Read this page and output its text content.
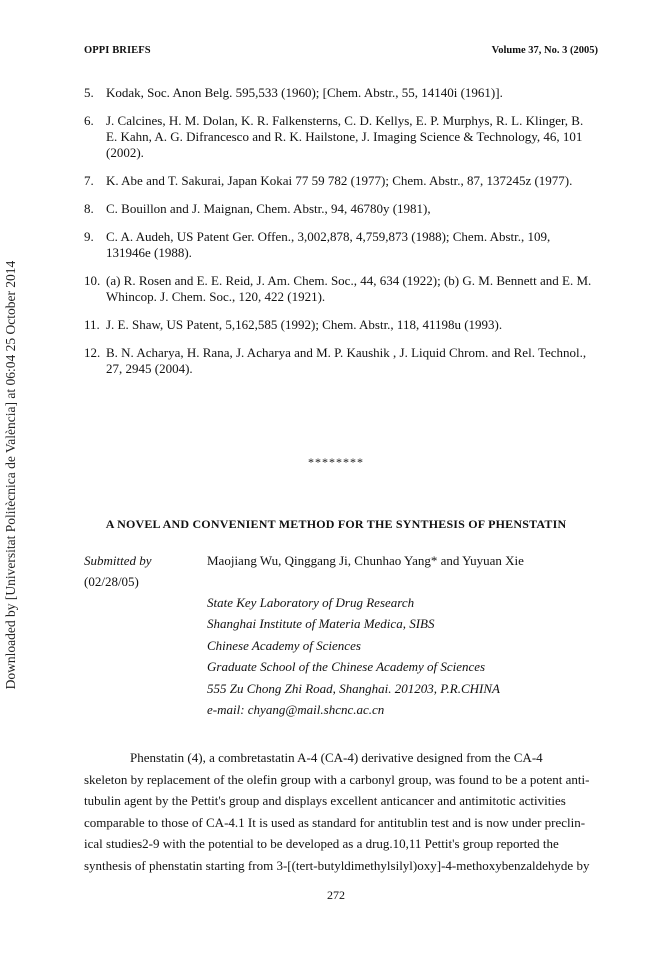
Downloaded by [Universitat Politècnica de València] at 06:04 25 October 2014
OPPI BRIEFS	Volume 37, No. 3 (2005)
5. Kodak, Soc. Anon Belg. 595,533 (1960); [Chem. Abstr., 55, 14140i (1961)].
6. J. Calcines, H. M. Dolan, K. R. Falkensterns, C. D. Kellys, E. P. Murphys, R. L. Klinger, B.
E. Kahn, A. G. Difrancesco and R. K. Hailstone, J. Imaging Science & Technology, 46, 101
(2002).
7. K. Abe and T. Sakurai, Japan Kokai 77 59 782 (1977); Chem. Abstr., 87, 137245z (1977).
8. C. Bouillon and J. Maignan, Chem. Abstr., 94, 46780y (1981),
9. C. A. Audeh, US Patent Ger. Offen., 3,002,878, 4,759,873 (1988); Chem. Abstr., 109,
131946e (1988).
10. (a) R. Rosen and E. E. Reid, J. Am. Chem. Soc., 44, 634 (1922); (b) G. M. Bennett and E. M.
Whincop. J. Chem. Soc., 120, 422 (1921).
11. J. E. Shaw, US Patent, 5,162,585 (1992); Chem. Abstr., 118, 41198u (1993).
12. B. N. Acharya, H. Rana, J. Acharya and M. P. Kaushik , J. Liquid Chrom. and Rel. Technol.,
27, 2945 (2004).
********
A NOVEL AND CONVENIENT METHOD FOR THE SYNTHESIS OF PHENSTATIN
Submitted by
(02/28/05)
Maojiang Wu, Qinggang Ji, Chunhao Yang* and Yuyuan Xie
State Key Laboratory of Drug Research
Shanghai Institute of Materia Medica, SIBS
Chinese Academy of Sciences
Graduate School of the Chinese Academy of Sciences
555 Zu Chong Zhi Road, Shanghai. 201203, P.R.CHINA
e-mail: chyang@mail.shcnc.ac.cn
Phenstatin (4), a combretastatin A-4 (CA-4) derivative designed from the CA-4
skeleton by replacement of the olefin group with a carbonyl group, was found to be a potent anti-
tubulin agent by the Pettit's group and displays excellent anticancer and antimitotic activities
comparable to those of CA-4.1 It is used as standard for antitublin test and is now under preclin-
ical studies2-9 with the potential to be developed as a drug.10,11 Pettit's group reported the
synthesis of phenstatin starting from 3-[(tert-butyldimethylsilyl)oxy]-4-methoxybenzaldehyde by
272
